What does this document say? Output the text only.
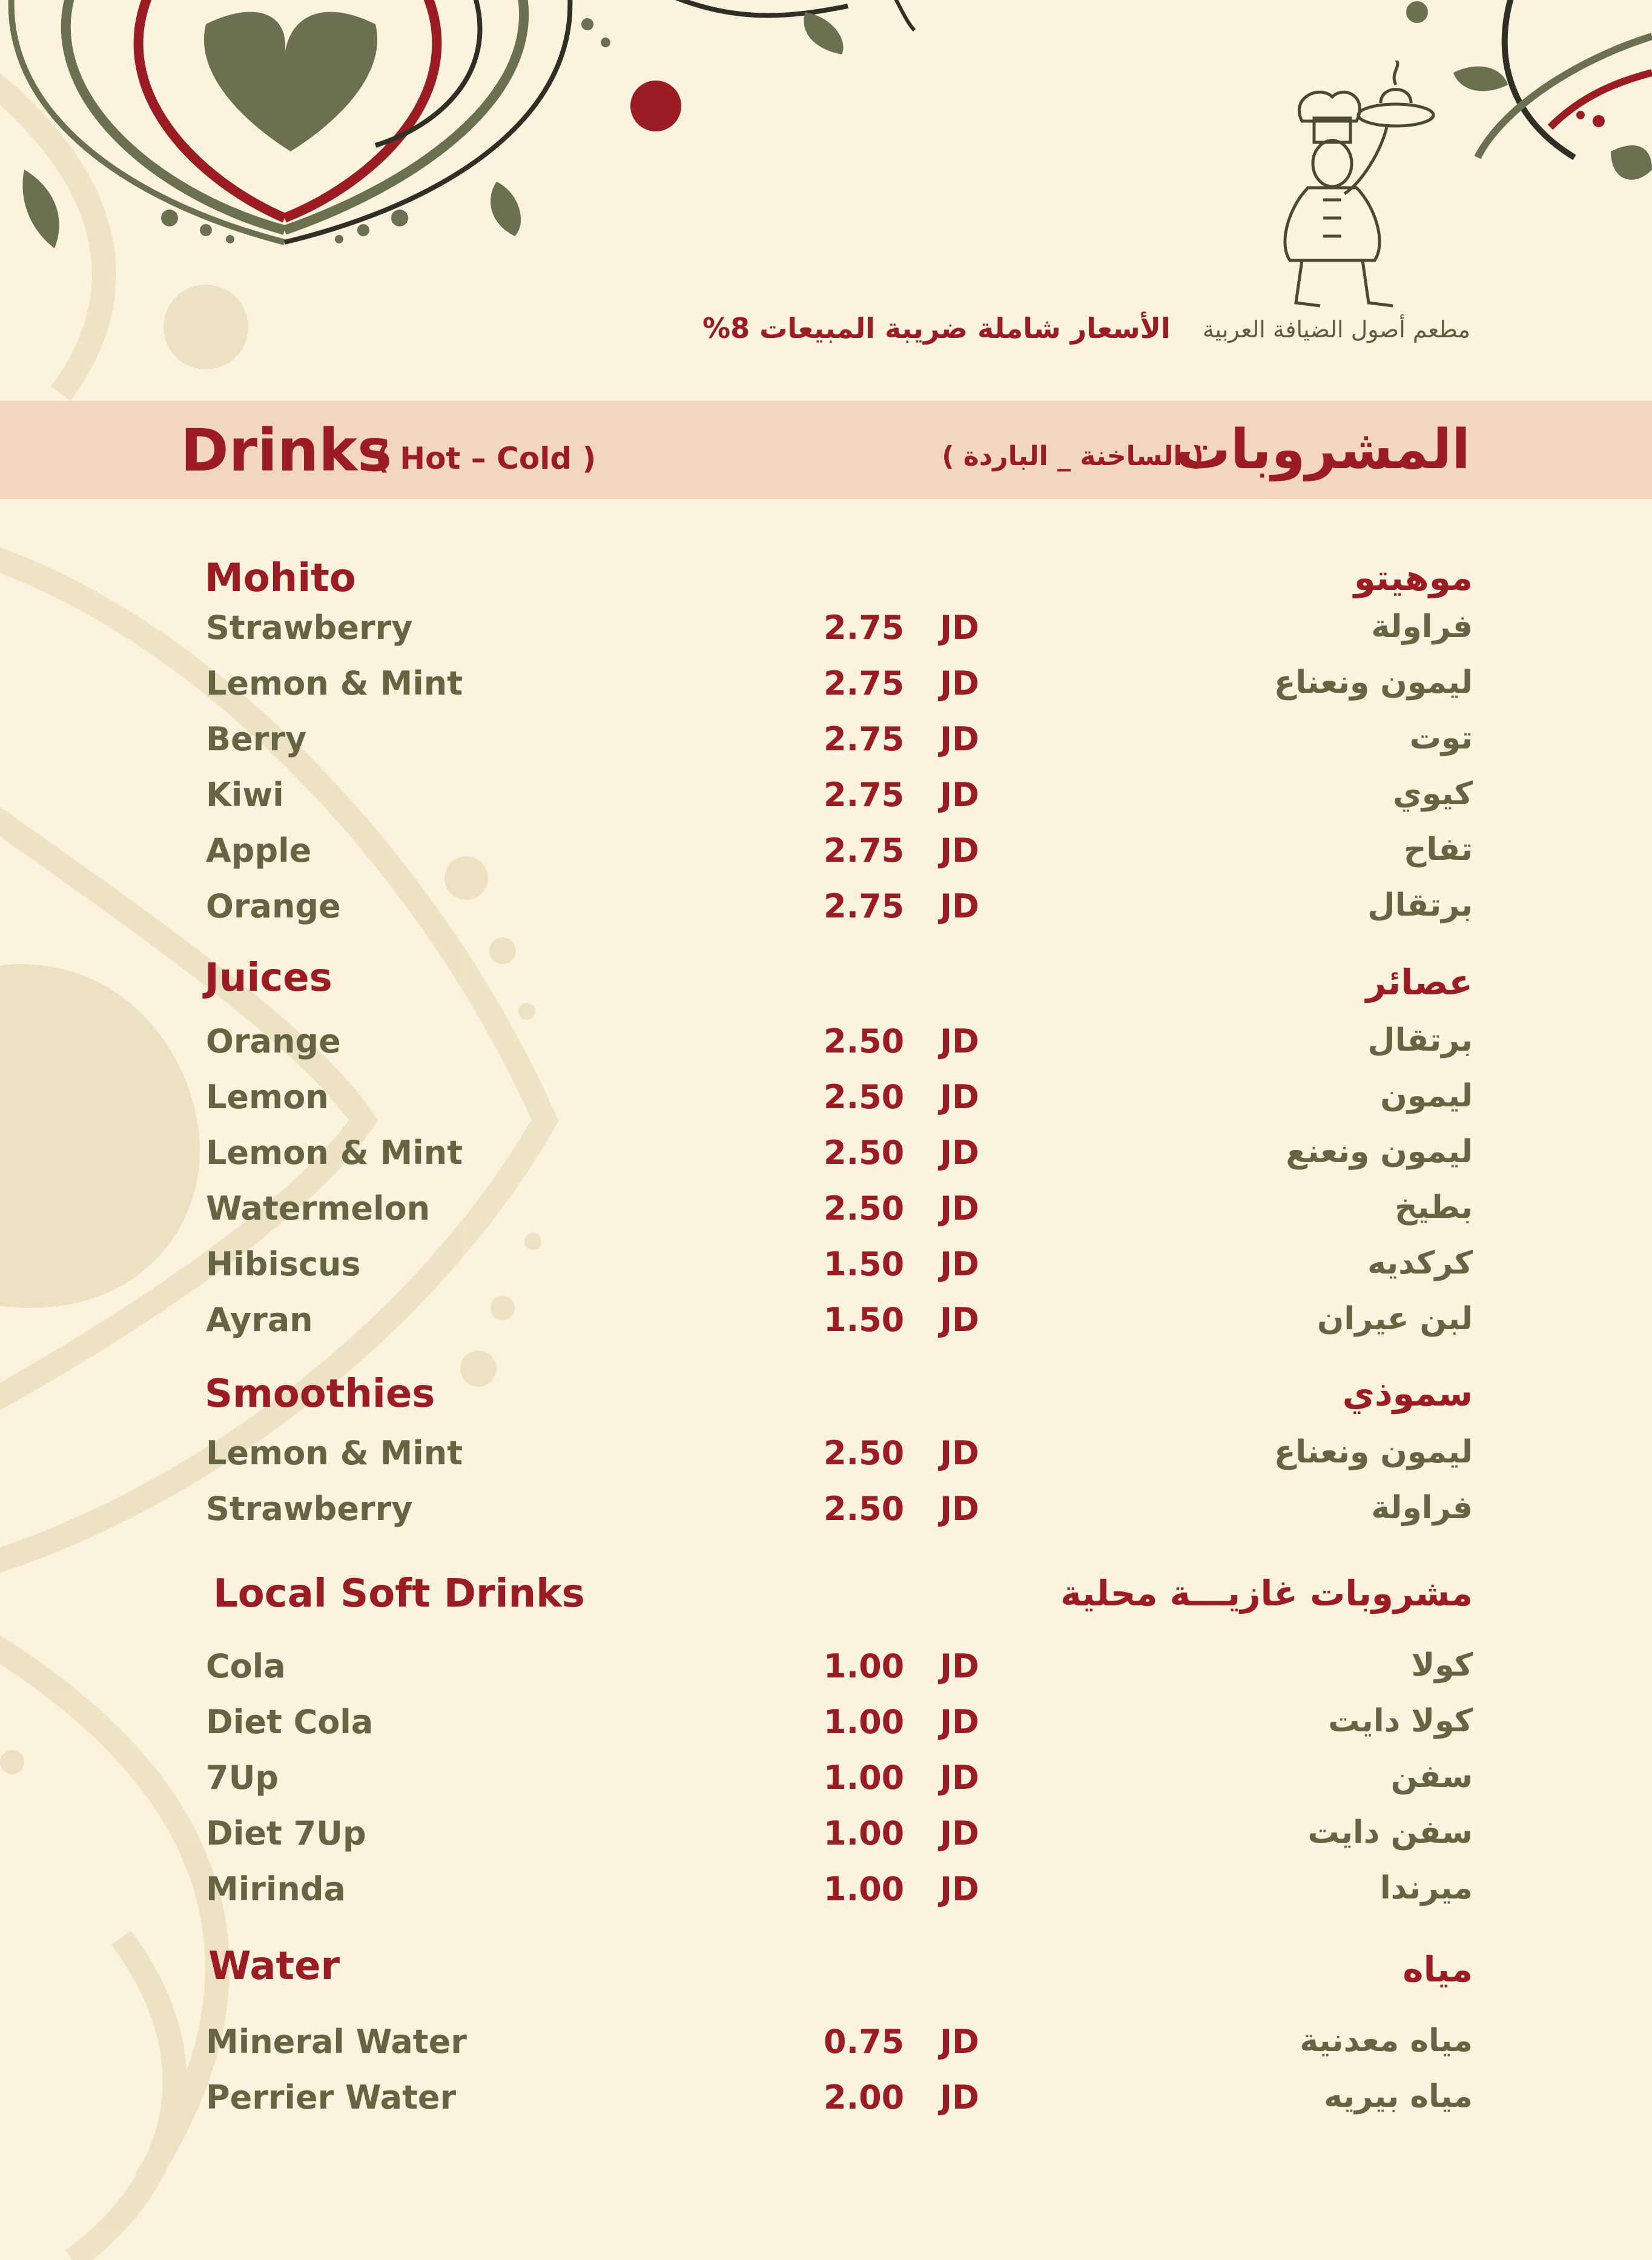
الأسعار شاملة ضريبة المبيعات 8% مطعم أصول الضيافة العربية
Drinks
( Hot – Cold )	المشروبات
( الساخنة _ الباردة )
Mohito	موهيتو
Strawberry	2.75 JD	فراولة
Lemon & Mint	2.75 JD	ليمون ونعناع
Berry	2.75 JD	توت
Kiwi	2.75 JD	كيوي
Apple	2.75 JD	تفاح
Orange	2.75 JD	برتقال
Juices	عصائر
Orange	2.50 JD	برتقال
Lemon	2.50 JD	ليمون
Lemon & Mint	2.50 JD	ليمون ونعنع
Watermelon	2.50 JD	بطيخ
Hibiscus	1.50 JD	كركديه
Ayran	1.50 JD	لبن عيران
Smoothies	سموذي
Lemon & Mint	2.50 JD	ليمون ونعناع
Strawberry	2.50 JD	فراولة
Local Soft Drinks	مشروبات غازيـــة محلية
Cola	1.00 JD	كولا
Diet Cola	1.00 JD	كولا دايت
7Up	1.00 JD	سفن
Diet 7Up	1.00 JD	سفن دايت
Mirinda	1.00 JD	ميرندا
Water	مياه
Mineral Water	0.75 JD	مياه معدنية
Perrier Water	2.00 JD	مياه بيريه
